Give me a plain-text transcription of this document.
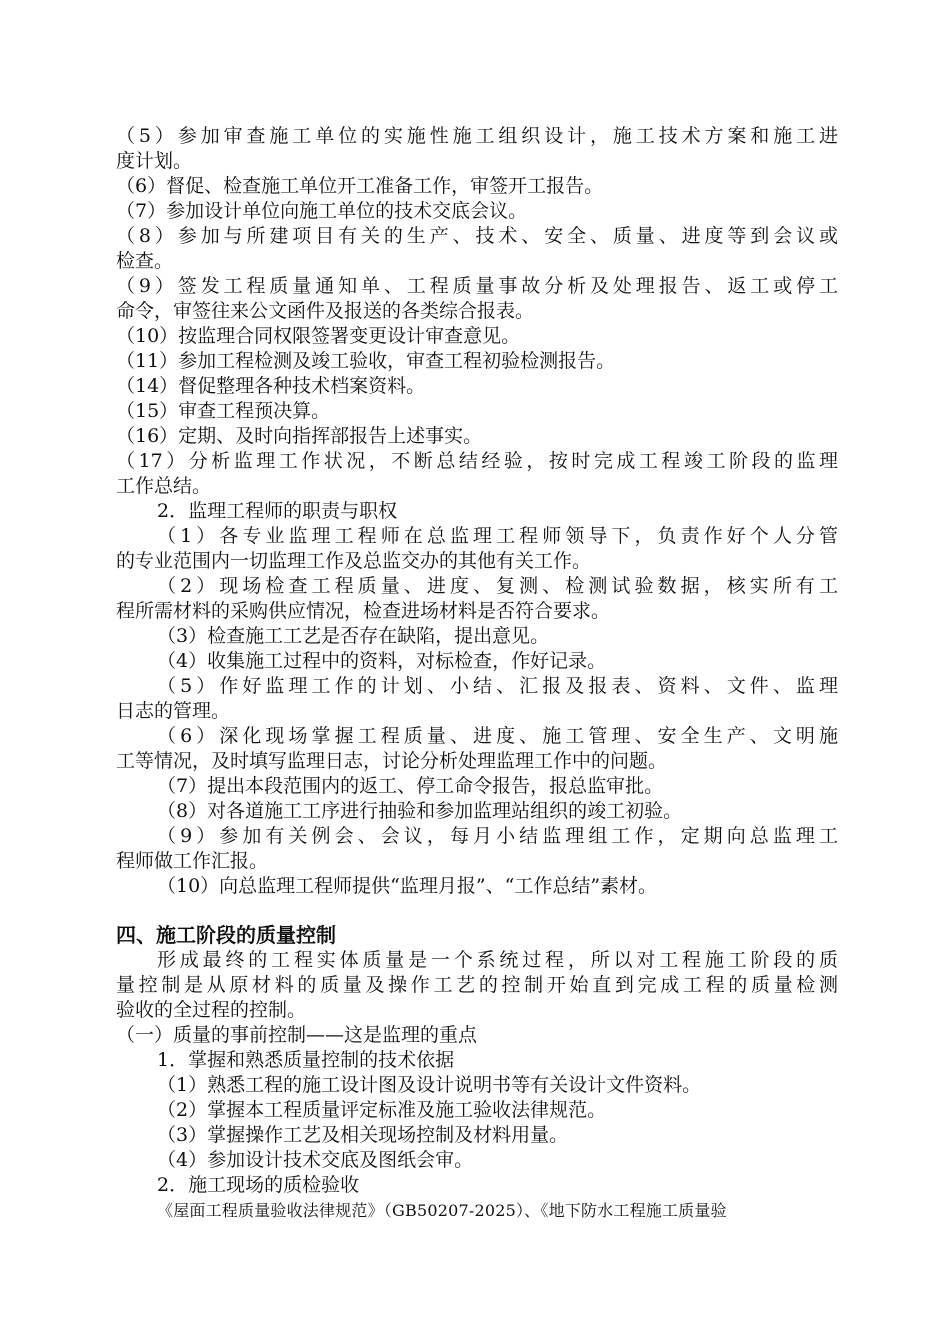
（5）参加审查施工单位的实施性施工组织设计，施工技术方案和施工进
度计划。
（6）督促、检查施工单位开工准备工作，审签开工报告。
（7）参加设计单位向施工单位的技术交底会议。
（8）参加与所建项目有关的生产、技术、安全、质量、进度等到会议或
检查。
（9）签发工程质量通知单、工程质量事故分析及处理报告、返工或停工
命令，审签往来公文函件及报送的各类综合报表。
（10）按监理合同权限签署变更设计审查意见。
（11）参加工程检测及竣工验收，审查工程初验检测报告。
（14）督促整理各种技术档案资料。
（15）审查工程预决算。
（16）定期、及时向指挥部报告上述事实。
（17）分析监理工作状况，不断总结经验，按时完成工程竣工阶段的监理
工作总结。
2．监理工程师的职责与职权
（1）各专业监理工程师在总监理工程师领导下，负责作好个人分管
的专业范围内一切监理工作及总监交办的其他有关工作。
（2）现场检查工程质量、进度、复测、检测试验数据，核实所有工
程所需材料的采购供应情况，检查进场材料是否符合要求。
（3）检查施工工艺是否存在缺陷，提出意见。
（4）收集施工过程中的资料，对标检查，作好记录。
（5）作好监理工作的计划、小结、汇报及报表、资料、文件、监理
日志的管理。
（6）深化现场掌握工程质量、进度、施工管理、安全生产、文明施
工等情况，及时填写监理日志，讨论分析处理监理工作中的问题。
（7）提出本段范围内的返工、停工命令报告，报总监审批。
（8）对各道施工工序进行抽验和参加监理站组织的竣工初验。
（9）参加有关例会、会议，每月小结监理组工作，定期向总监理工
程师做工作汇报。
（10）向总监理工程师提供“监理月报”、“工作总结”素材。
四、施工阶段的质量控制
形成最终的工程实体质量是一个系统过程，所以对工程施工阶段的质
量控制是从原材料的质量及操作工艺的控制开始直到完成工程的质量检测
验收的全过程的控制。
（一）质量的事前控制——这是监理的重点
1．掌握和熟悉质量控制的技术依据
（1）熟悉工程的施工设计图及设计说明书等有关设计文件资料。
（2）掌握本工程质量评定标准及施工验收法律规范。
（3）掌握操作工艺及相关现场控制及材料用量。
（4）参加设计技术交底及图纸会审。
2．施工现场的质检验收
《屋面工程质量验收法律规范》（GB50207-2025）、《地下防水工程施工质量验
